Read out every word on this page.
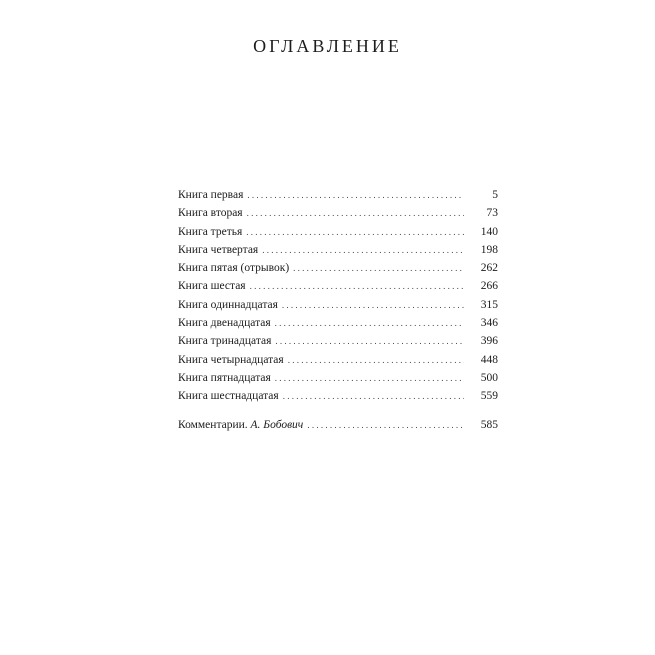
ОГЛАВЛЕНИЕ
Книга первая . . .	5
Книга вторая . . .	73
Книга третья . . .	140
Книга четвертая . . .	198
Книга пятая (отрывок) . . .	262
Книга шестая . . .	266
Книга одиннадцатая . . .	315
Книга двенадцатая . . .	346
Книга тринадцатая . . .	396
Книга четырнадцатая . . .	448
Книга пятнадцатая . . .	500
Книга шестнадцатая . . .	559
Комментарии. А. Бобович . . .	585
